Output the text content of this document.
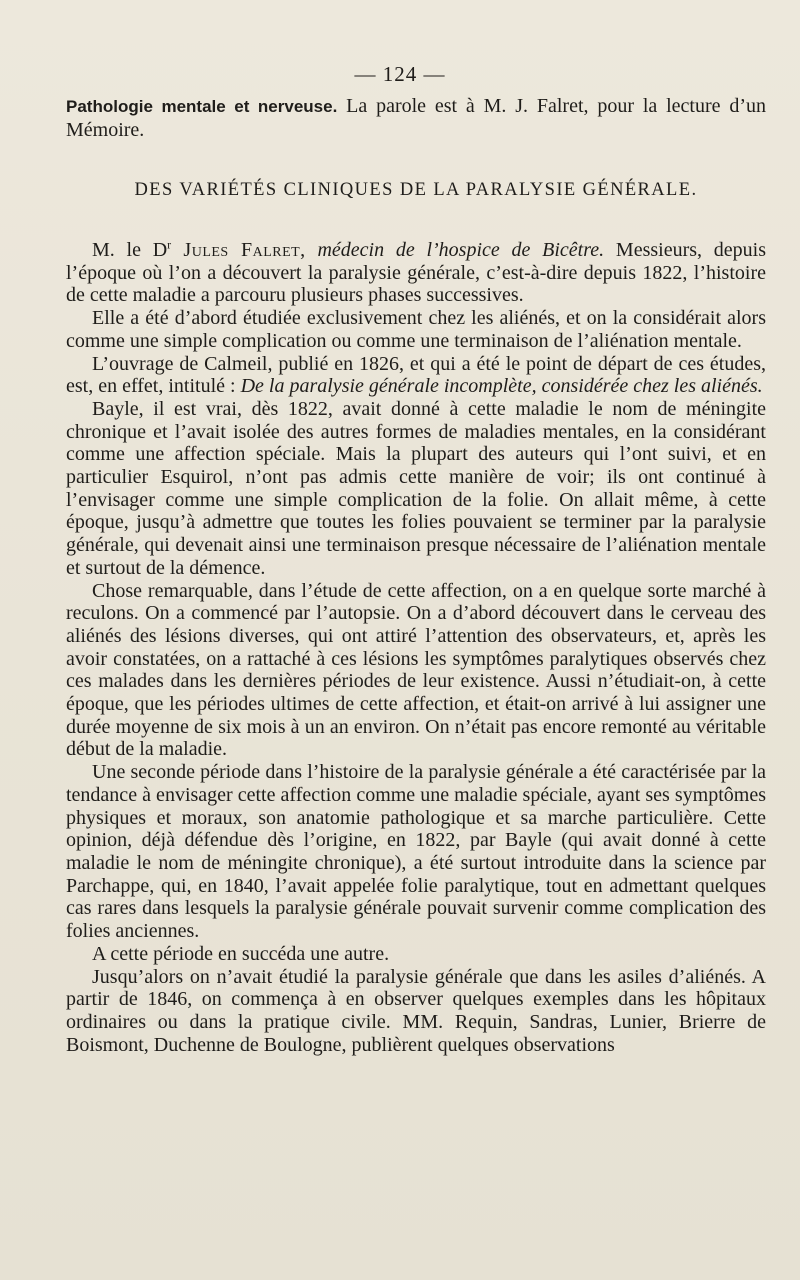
— 124 —

Pathologie mentale et nerveuse. La parole est à M. J. Falret, pour la lecture d’un Mémoire.

DES VARIÉTÉS CLINIQUES DE LA PARALYSIE GÉNÉRALE.

M. le $D^r$ Jules Falret, médecin de l’hospice de Bicêtre. Messieurs, depuis l’époque où l’on a découvert la paralysie générale, c’est-à-dire depuis 1822, l’histoire de cette maladie a parcouru plusieurs phases successives.

Elle a été d’abord étudiée exclusivement chez les aliénés, et on la considérait alors comme une simple complication ou comme une terminaison de l’aliénation mentale.

L’ouvrage de Calmeil, publié en 1826, et qui a été le point de départ de ces études, est, en effet, intitulé : De la paralysie générale incomplète, considérée chez les aliénés.

Bayle, il est vrai, dès 1822, avait donné à cette maladie le nom de méningite chronique et l’avait isolée des autres formes de maladies mentales, en la considérant comme une affection spéciale. Mais la plupart des auteurs qui l’ont suivi, et en particulier Esquirol, n’ont pas admis cette manière de voir; ils ont continué à l’envisager comme une simple complication de la folie. On allait même, à cette époque, jusqu’à admettre que toutes les folies pouvaient se terminer par la paralysie générale, qui devenait ainsi une terminaison presque nécessaire de l’aliénation mentale et surtout de la démence.

Chose remarquable, dans l’étude de cette affection, on a en quelque sorte marché à reculons. On a commencé par l’autopsie. On a d’abord découvert dans le cerveau des aliénés des lésions diverses, qui ont attiré l’attention des observateurs, et, après les avoir constatées, on a rattaché à ces lésions les symptômes paralytiques observés chez ces malades dans les dernières périodes de leur existence. Aussi n’étudiait-on, à cette époque, que les périodes ultimes de cette affection, et était-on arrivé à lui assigner une durée moyenne de six mois à un an environ. On n’était pas encore remonté au véritable début de la maladie.

Une seconde période dans l’histoire de la paralysie générale a été caractérisée par la tendance à envisager cette affection comme une maladie spéciale, ayant ses symptômes physiques et moraux, son anatomie pathologique et sa marche particulière. Cette opinion, déjà défendue dès l’origine, en 1822, par Bayle (qui avait donné à cette maladie le nom de méningite chronique), a été surtout introduite dans la science par Parchappe, qui, en 1840, l’avait appelée folie paralytique, tout en admettant quelques cas rares dans lesquels la paralysie générale pouvait survenir comme complication des folies anciennes.

A cette période en succéda une autre.

Jusqu’alors on n’avait étudié la paralysie générale que dans les asiles d’aliénés. A partir de 1846, on commença à en observer quelques exemples dans les hôpitaux ordinaires ou dans la pratique civile. MM. Requin, Sandras, Lunier, Brierre de Boismont, Duchenne de Boulogne, publièrent quelques observations
